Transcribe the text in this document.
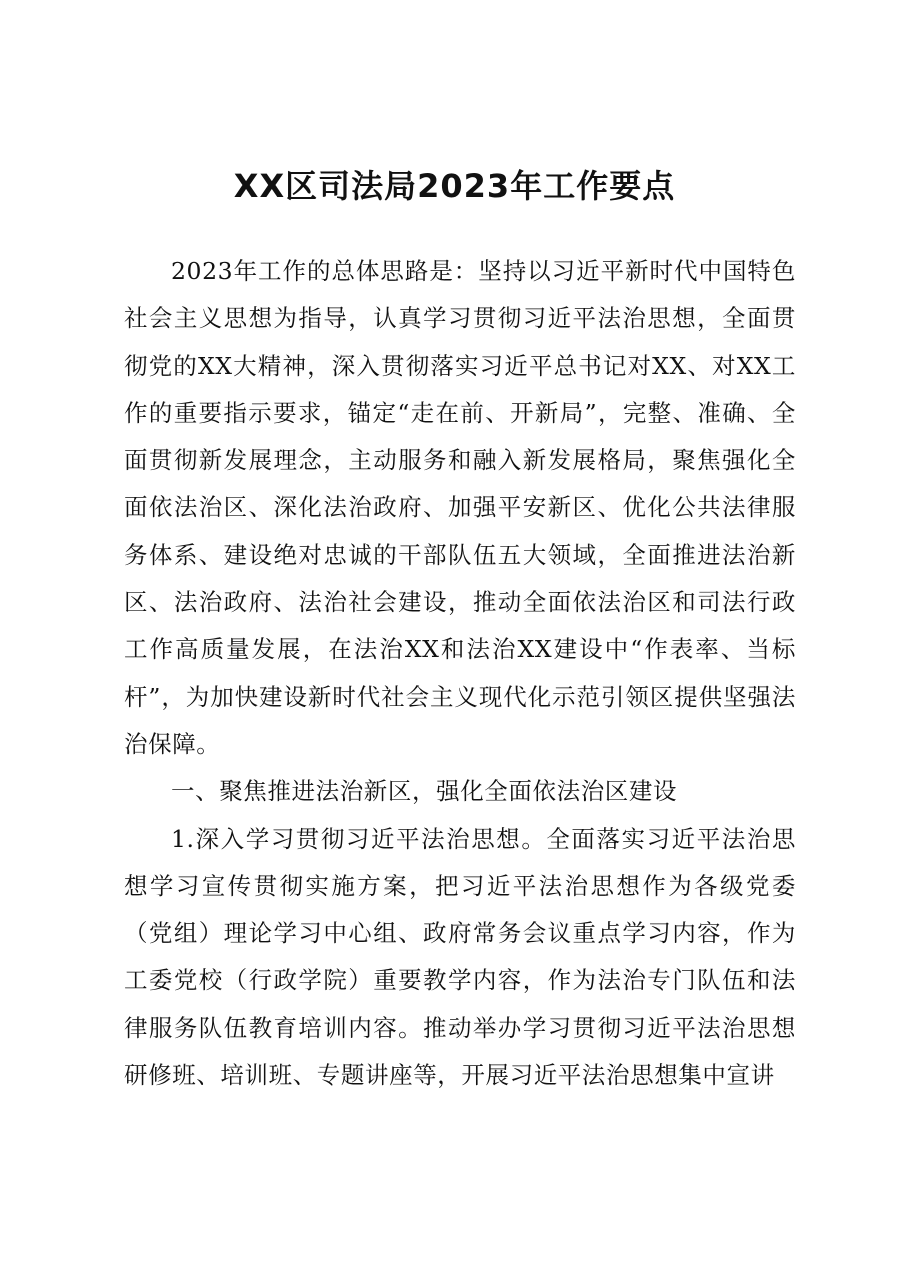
XX区司法局2023年工作要点

2023年工作的总体思路是：坚持以习近平新时代中国特色社会主义思想为指导，认真学习贯彻习近平法治思想，全面贯彻党的XX大精神，深入贯彻落实习近平总书记对XX、对XX工作的重要指示要求，锚定“走在前、开新局”，完整、准确、全面贯彻新发展理念，主动服务和融入新发展格局，聚焦强化全面依法治区、深化法治政府、加强平安新区、优化公共法律服务体系、建设绝对忠诚的干部队伍五大领域，全面推进法治新区、法治政府、法治社会建设，推动全面依法治区和司法行政工作高质量发展，在法治XX和法治XX建设中“作表率、当标杆”，为加快建设新时代社会主义现代化示范引领区提供坚强法治保障。

一、聚焦推进法治新区，强化全面依法治区建设

1.深入学习贯彻习近平法治思想。全面落实习近平法治思想学习宣传贯彻实施方案，把习近平法治思想作为各级党委（党组）理论学习中心组、政府常务会议重点学习内容，作为工委党校（行政学院）重要教学内容，作为法治专门队伍和法律服务队伍教育培训内容。推动举办学习贯彻习近平法治思想研修班、培训班、专题讲座等，开展习近平法治思想集中宣讲
